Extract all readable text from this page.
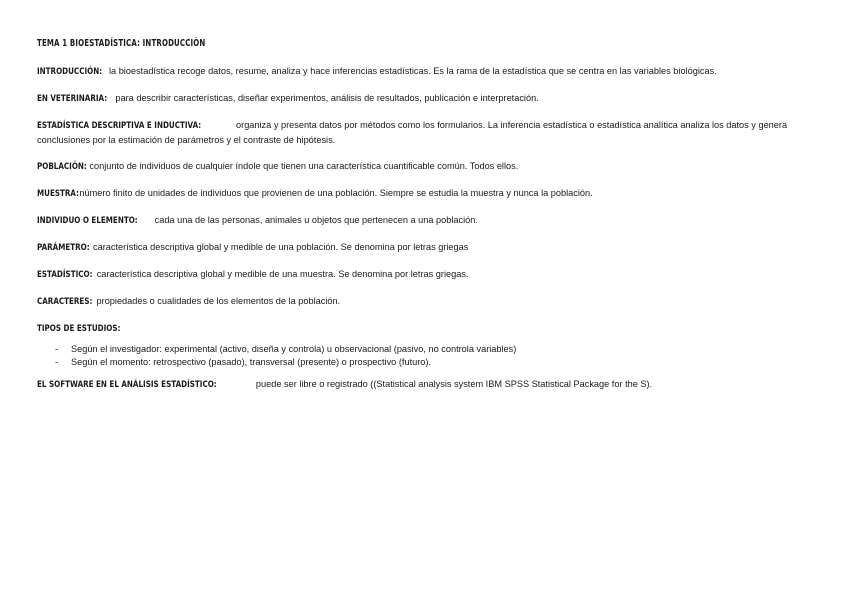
TEMA 1 BIOESTADÍSTICA: INTRODUCCIÓN

INTRODUCCIÓN: la bioestadística recoge datos, resume, analiza y hace inferencias estadísticas. Es la rama de la estadística que se centra en las variables biológicas.

EN VETERINARIA: para describir características, diseñar experimentos, análisis de resultados, publicación e interpretación.

ESTADÍSTICA DESCRIPTIVA E INDUCTIVA:	organiza y presenta datos por métodos como los formularios. La inferencia estadística o estadística analítica analiza los datos y genera conclusiones por la estimación de parámetros y el contraste de hipótesis.

POBLACIÓN: conjunto de individuos de cualquier índole que tienen una característica cuantificable común. Todos ellos.

MUESTRA: número finito de unidades de individuos que provienen de una población. Siempre se estudia la muestra y nunca la población.

INDIVIDUO O ELEMENTO: cada una de las personas, animales u objetos que pertenecen a una población.

PARÁMETRO: característica descriptiva global y medible de una población. Se denomina por letras griegas

ESTADÍSTICO: característica descriptiva global y medible de una muestra. Se denomina por letras griegas.

CARACTERES: propiedades o cualidades de los elementos de la población.

TIPOS DE ESTUDIOS:

- Según el investigador: experimental (activo, diseña y controla) u observacional (pasivo, no controla variables)
- Según el momento: retrospectivo (pasado), transversal (presente) o prospectivo (futuro).

EL SOFTWARE EN EL ANÁLISIS ESTADÍSTICO:	puede ser libre o registrado ((Statistical analysis system IBM SPSS Statistical Package for the S).
